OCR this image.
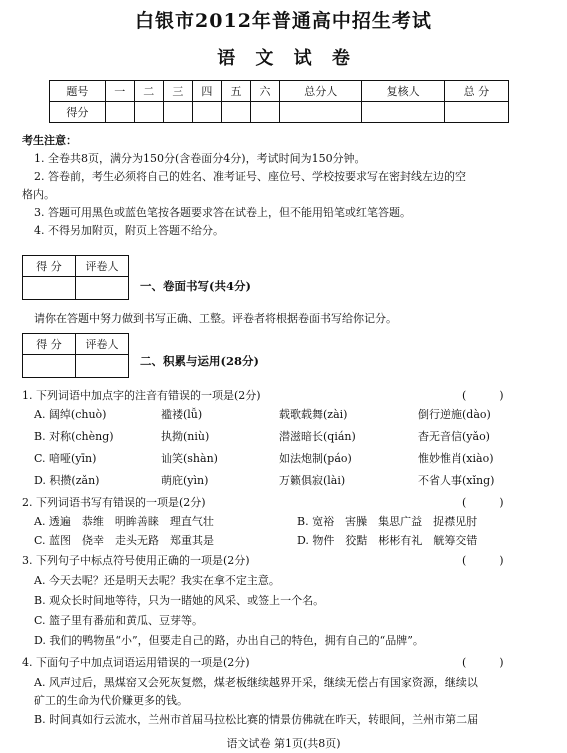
白银市2012年普通高中招生考试
语 文 试 卷
题号	一	二	三	四	五	六	总分人	复核人	总 分
得分									
考生注意：
1. 全卷共8页，满分为150分(含卷面分4分)，考试时间为150分钟。
2. 答卷前，考生必须将自己的姓名、准考证号、座位号、学校按要求写在密封线左边的空
格内。
3. 答题可用黑色或蓝色笔按各题要求答在试卷上，但不能用铅笔或红笔答题。
4. 不得另加附页，附页上答题不给分。
得 分	评卷人

一、卷面书写(共4分)
请你在答题中努力做到书写正确、工整。评卷者将根据卷面书写给你记分。
得 分	评卷人

二、积累与运用(28分)
1. 下列词语中加点字的注音有错误的一项是(2分)	(　　　)
A. 阔绰(chuò)	褴褛(lǚ)	载歌载舞(zài)	倒行逆施(dào)
B. 对称(chèng)	执拗(niù)	潜滋暗长(qián)	杳无音信(yǎo)
C. 喑哑(yīn)	讪笑(shàn)	如法炮制(páo)	惟妙惟肖(xiào)
D. 积攒(zǎn)	萌庇(yìn)	万籁俱寂(lài)	不省人事(xǐng)
2. 下列词语书写有错误的一项是(2分)	(　　　)
A. 透遍　恭维　明眸善睐　理直气壮	B. 宽裕　害臊　集思广益　捉襟见肘
C. 蓝图　侥幸　走头无路　郑重其是	D. 物件　狡黠　彬彬有礼　觥筹交错
3. 下列句子中标点符号使用正确的一项是(2分)	(　　　)
A. 今天去呢？还是明天去呢？我实在拿不定主意。
B. 观众长时间地等待，只为一睹她的风采、或签上一个名。
C. 篮子里有番茄和黄瓜、豆芽等。
D. 我们的鸭物虽“小”，但要走自己的路，办出自己的特色，拥有自己的“品牌”。
4. 下面句子中加点词语运用错误的一项是(2分)	(　　　)
A. 风声过后，黑煤窑又会死灰复燃，煤老板继续越界开采，继续无偿占有国家资源，继续以
矿工的生命为代价赚更多的钱。
B. 时间真如行云流水，兰州市首届马拉松比赛的情景仿佛就在昨天，转眼间，兰州市第二届
语文试卷 第1页(共8页)
